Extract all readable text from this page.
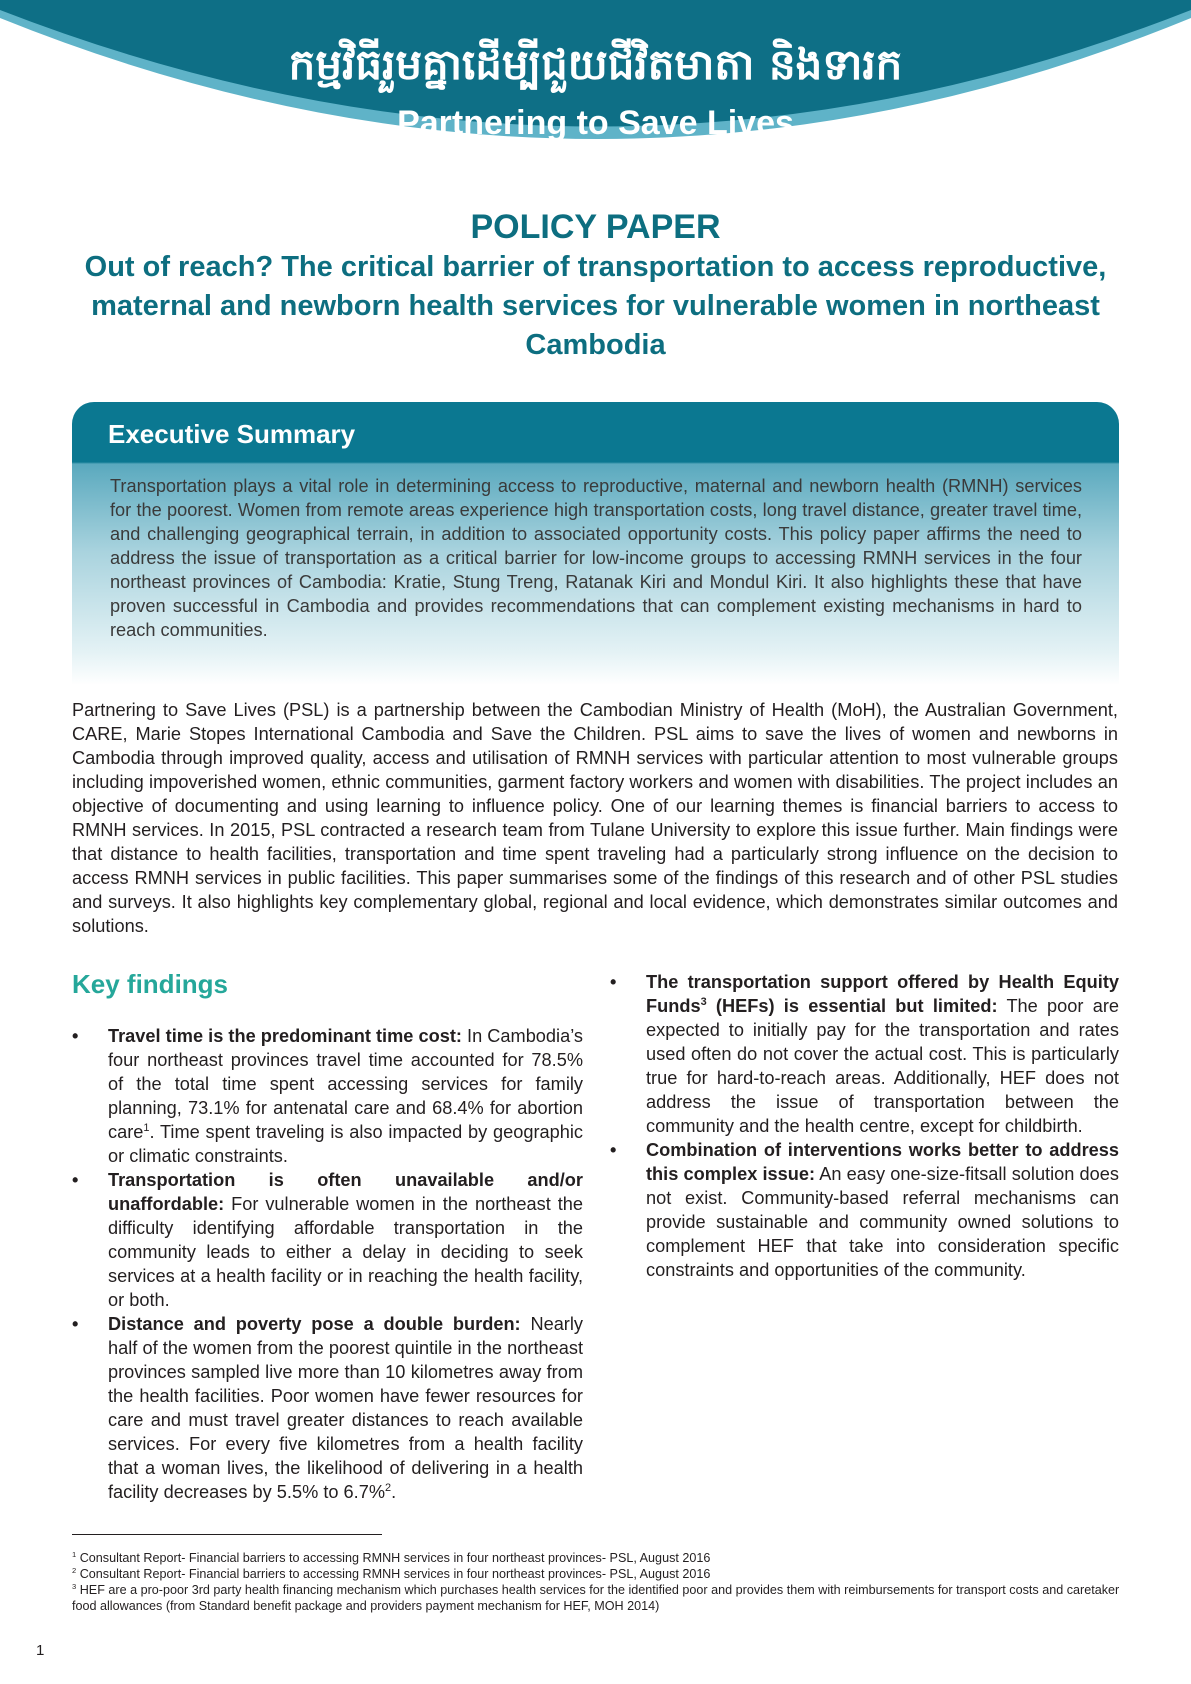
កម្មវិធីរួមគ្នាដើម្បីជួយជីវិតមាតា និងទារក
Partnering to Save Lives
POLICY PAPER
Out of reach? The critical barrier of transportation to access reproductive, maternal and newborn health services for vulnerable women in northeast Cambodia
Executive Summary
Transportation plays a vital role in determining access to reproductive, maternal and newborn health (RMNH) services for the poorest. Women from remote areas experience high transportation costs, long travel distance, greater travel time, and challenging geographical terrain, in addition to associated opportunity costs. This policy paper affirms the need to address the issue of transportation as a critical barrier for low-income groups to accessing RMNH services in the four northeast provinces of Cambodia: Kratie, Stung Treng, Ratanak Kiri and Mondul Kiri. It also highlights these that have proven successful in Cambodia and provides recommendations that can complement existing mechanisms in hard to reach communities.
Partnering to Save Lives (PSL) is a partnership between the Cambodian Ministry of Health (MoH), the Australian Government, CARE, Marie Stopes International Cambodia and Save the Children. PSL aims to save the lives of women and newborns in Cambodia through improved quality, access and utilisation of RMNH services with particular attention to most vulnerable groups including impoverished women, ethnic communities, garment factory workers and women with disabilities. The project includes an objective of documenting and using learning to influence policy. One of our learning themes is financial barriers to access to RMNH services. In 2015, PSL contracted a research team from Tulane University to explore this issue further. Main findings were that distance to health facilities, transportation and time spent traveling had a particularly strong influence on the decision to access RMNH services in public facilities. This paper summarises some of the findings of this research and of other PSL studies and surveys. It also highlights key complementary global, regional and local evidence, which demonstrates similar outcomes and solutions.
Key findings
• Travel time is the predominant time cost: In Cambodia’s four northeast provinces travel time accounted for 78.5% of the total time spent accessing services for family planning, 73.1% for antenatal care and 68.4% for abortion care$^1$. Time spent traveling is also impacted by geographic or climatic constraints.
• Transportation is often unavailable and/or unaffordable: For vulnerable women in the northeast the difficulty identifying affordable transportation in the community leads to either a delay in deciding to seek services at a health facility or in reaching the health facility, or both.
• Distance and poverty pose a double burden: Nearly half of the women from the poorest quintile in the northeast provinces sampled live more than 10 kilometres away from the health facilities. Poor women have fewer resources for care and must travel greater distances to reach available services. For every five kilometres from a health facility that a woman lives, the likelihood of delivering in a health facility decreases by 5.5% to 6.7%$^2$.
• The transportation support offered by Health Equity Funds$^3$ (HEFs) is essential but limited: The poor are expected to initially pay for the transportation and rates used often do not cover the actual cost. This is particularly true for hard-to-reach areas. Additionally, HEF does not address the issue of transportation between the community and the health centre, except for childbirth.
• Combination of interventions works better to address this complex issue: An easy one-size-fitsall solution does not exist. Community-based referral mechanisms can provide sustainable and community owned solutions to complement HEF that take into consideration specific constraints and opportunities of the community.
$^1$ Consultant Report- Financial barriers to accessing RMNH services in four northeast provinces- PSL, August 2016
$^2$ Consultant Report- Financial barriers to accessing RMNH services in four northeast provinces- PSL, August 2016
$^3$ HEF are a pro-poor 3rd party health financing mechanism which purchases health services for the identified poor and provides them with reimbursements for transport costs and caretaker food allowances (from Standard benefit package and providers payment mechanism for HEF, MOH 2014)
1
